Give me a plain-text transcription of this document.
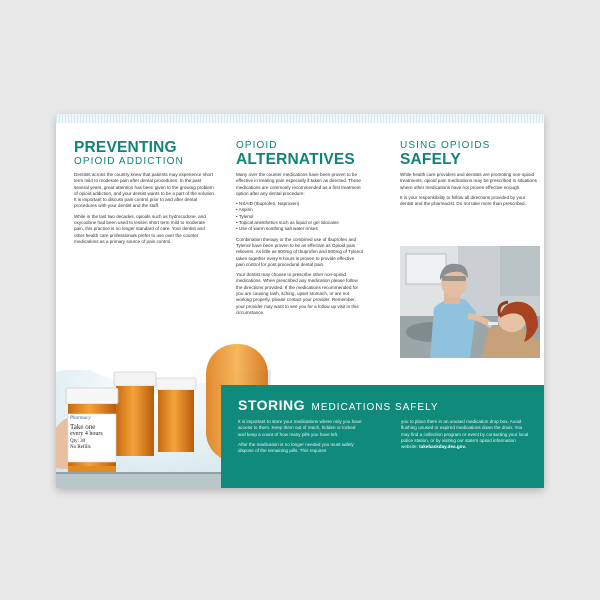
PREVENTING
OPIOID ADDICTION

Dentists across the country knew that patients may experience short term mild to moderate pain after dental procedures. In the past several years, great attention has been given to the growing problem of opioid addiction, and your dentist wants to be a part of the solution. It is important to discuss pain control prior to and after dental procedures with your dentist and the staff.

While in the last two decades, opioids such as hydrocodone, and oxycodone had been used to lessen short term mild to moderate pain, this practice is no longer standard of care. Your dentist and other health care professionals prefer to use over the counter medications as a primary source of pain control.

OPIOID
ALTERNATIVES

Many over the counter medications have been proven to be effective in treating pain especially if taken as directed. These medications are commonly recommended as a first treatment option after any dental procedure:

• NSAID (Ibuprofen, Naproxen)
• Aspirin
• Tylenol
• Topical anesthetics such as liquid or gel lidocaine
• Use of warm soothing salt water rinses

Combination therapy or the combined use of Ibuprofen and Tylenol have been proven to be as effective as Opioid pain relievers. As little as 600mg of Ibuprofen and 500mg of Tylenol taken together every 6 hours is proven to provide effective pain control for post procedural dental pain.

Your dentist may choose to prescribe other non-opioid medications. When prescribed any medication please follow the directions provided. If the medications recommended for you are causing rash, itching, upset stomach, or are not working properly, please contact your provider. Remember, your provider may want to see you for a follow up visit in this circumstance.

USING OPIOIDS
SAFELY

While health care providers and dentists are promoting non-opioid treatments, opioid pain medications may be prescribed in situations where other medications have not proven effective enough.

It is your responsibility to follow all directions provided by your dentist and the pharmacist. Do not take more than prescribed.

Pharmacy
Take one
every 4 hours
Qty: 30
No Refills
STORING MEDICATIONS SAFELY

It is important to store your medications where only you have access to them. Keep them out of reach, hidden or locked and keep a count of how many pills you have left.

After the medication is no longer needed you must safely dispose of the remaining pills. This requires

you to place them in an unused medication drop box. Avoid flushing unused or expired medications down the drain. You may find a collection program or event by contacting your local police station, or by visiting our state's opioid information website: takebackday.dea.gov.
